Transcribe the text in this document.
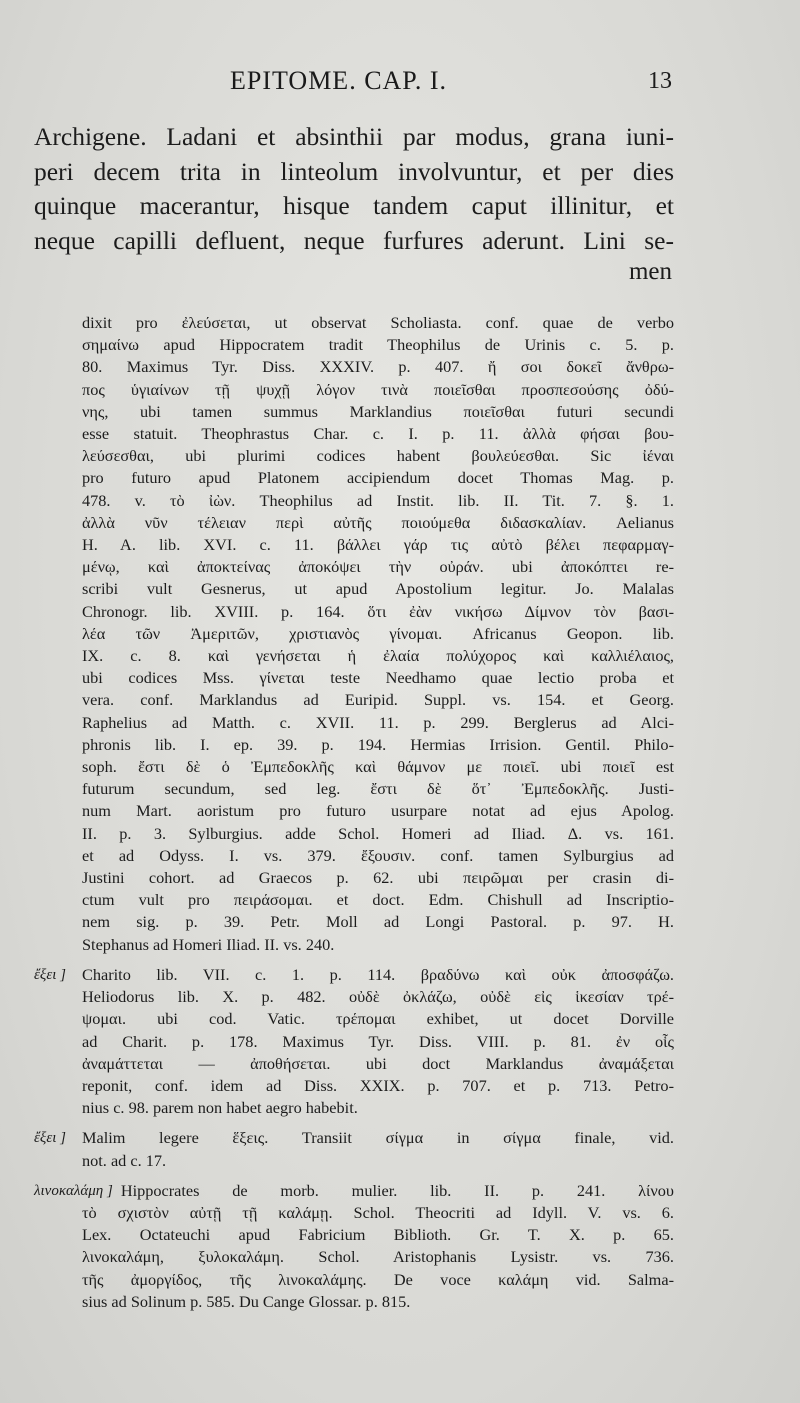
EPITOME. CAP. I.	13
Archigene. Ladani et absinthii par modus, grana iuni-
peri decem trita in linteolum involvuntur, et per dies
quinque macerantur, hisque tandem caput illinitur, et
neque capilli defluent, neque furfures aderunt. Lini se-
men
dixit pro ἐλεύσεται, ut observat Scholiasta. conf. quae de verbo
σημαίνω apud Hippocratem tradit Theophilus de Urinis c. 5. p.
80. Maximus Tyr. Diss. XXXIV. p. 407. ἤ σοι δοκεῖ ἄνθρω-
πος ὑγιαίνων τῇ ψυχῇ λόγον τινὰ ποιεῖσθαι προσπεσούσης ὀδύ-
νης, ubi tamen summus Marklandius ποιεῖσθαι futuri secundi
esse statuit. Theophrastus Char. c. I. p. 11. ἀλλὰ φήσαι βου-
λεύσεσθαι, ubi plurimi codices habent βουλεύεσθαι. Sic ἰέναι
pro futuro apud Platonem accipiendum docet Thomas Mag. p.
478. v. τὸ ἰὼν. Theophilus ad Instit. lib. II. Tit. 7. §. 1.
ἀλλὰ νῦν τέλειαν περὶ αὐτῆς ποιούμεθα διδασκαλίαν. Aelianus
H. A. lib. XVI. c. 11. βάλλει γάρ τις αὐτὸ βέλει πεφαρμαγ-
μένῳ, καὶ ἀποκτείνας ἀποκόψει τὴν οὐράν. ubi ἀποκόπτει re-
scribi vult Gesnerus, ut apud Apostolium legitur. Jo. Malalas
Chronogr. lib. XVIII. p. 164. ὅτι ἐὰν νικήσω Δίμνον τὸν βασι-
λέα τῶν Ἀμεριτῶν, χριστιανὸς γίνομαι. Africanus Geopon. lib.
IX. c. 8. καὶ γενήσεται ἡ ἐλαία πολύχορος καὶ καλλιέλαιος,
ubi codices Mss. γίνεται teste Needhamo quae lectio proba et
vera. conf. Marklandus ad Euripid. Suppl. vs. 154. et Georg.
Raphelius ad Matth. c. XVII. 11. p. 299. Berglerus ad Alci-
phronis lib. I. ep. 39. p. 194. Hermias Irrision. Gentil. Philo-
soph. ἔστι δὲ ὁ Ἐμπεδοκλῆς καὶ θάμνον με ποιεῖ. ubi ποιεῖ est
futurum secundum, sed leg. ἔστι δὲ ὅτ᾽ Ἐμπεδοκλῆς. Justi-
num Mart. aoristum pro futuro usurpare notat ad ejus Apolog.
II. p. 3. Sylburgius. adde Schol. Homeri ad Iliad. Δ. vs. 161.
et ad Odyss. I. vs. 379. ἔξουσιν. conf. tamen Sylburgius ad
Justini cohort. ad Graecos p. 62. ubi πειρῶμαι per crasin di-
ctum vult pro πειράσομαι. et doct. Edm. Chishull ad Inscriptio-
nem sig. p. 39. Petr. Moll ad Longi Pastoral. p. 97. H.
Stephanus ad Homeri Iliad. II. vs. 240.
ἔξει ] Charito lib. VII. c. 1. p. 114. βραδύνω καὶ οὐκ ἀποσφάζω.
Heliodorus lib. X. p. 482. οὐδὲ ὀκλάζω, οὐδὲ εἰς ἱκεσίαν τρέ-
ψομαι. ubi cod. Vatic. τρέπομαι exhibet, ut docet Dorville
ad Charit. p. 178. Maximus Tyr. Diss. VIII. p. 81. ἐν οἷς
ἀναμάττεται — ἀποθήσεται. ubi doct Marklandus ἀναμάξεται
reponit, conf. idem ad Diss. XXIX. p. 707. et p. 713. Petro-
nius c. 98. parem non habet aegro habebit.
ἔξει ] Malim legere ἕξεις. Transiit σίγμα in σίγμα finale, vid.
not. ad c. 17.
λινοκαλάμη ] Hippocrates de morb. mulier. lib. II. p. 241. λίνου
τὸ σχιστὸν αὐτῇ τῇ καλάμῃ. Schol. Theocriti ad Idyll. V. vs. 6.
Lex. Octateuchi apud Fabricium Biblioth. Gr. T. X. p. 65.
λινοκαλάμη, ξυλοκαλάμη. Schol. Aristophanis Lysistr. vs. 736.
τῆς ἀμοργίδος, τῆς λινοκαλάμης. De voce καλάμη vid. Salma-
sius ad Solinum p. 585. Du Cange Glossar. p. 815.
